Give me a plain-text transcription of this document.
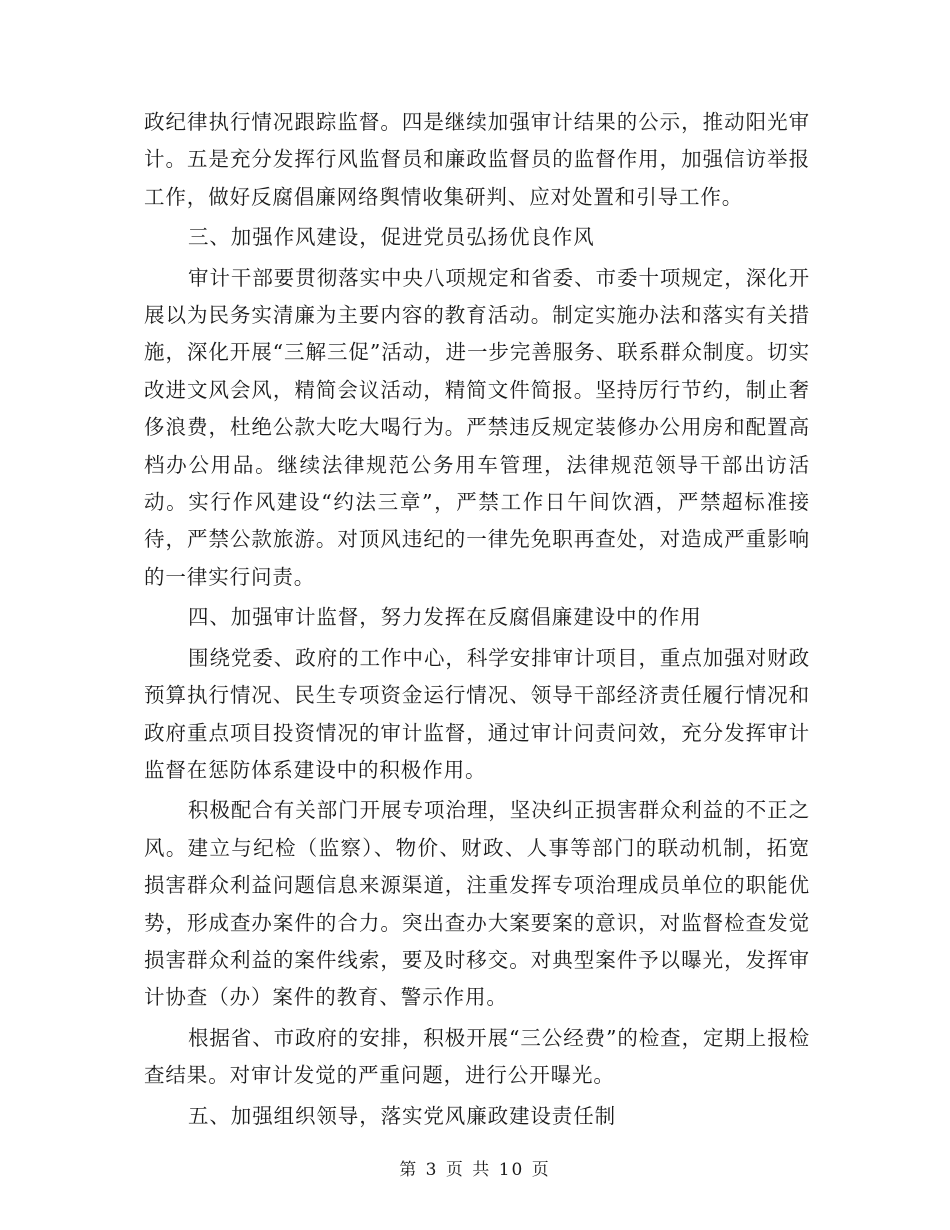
政纪律执行情况跟踪监督。四是继续加强审计结果的公示，推动阳光审计。五是充分发挥行风监督员和廉政监督员的监督作用，加强信访举报工作，做好反腐倡廉网络舆情收集研判、应对处置和引导工作。

三、加强作风建设，促进党员弘扬优良作风

审计干部要贯彻落实中央八项规定和省委、市委十项规定，深化开展以为民务实清廉为主要内容的教育活动。制定实施办法和落实有关措施，深化开展“三解三促”活动，进一步完善服务、联系群众制度。切实改进文风会风，精简会议活动，精简文件简报。坚持厉行节约，制止奢侈浪费，杜绝公款大吃大喝行为。严禁违反规定装修办公用房和配置高档办公用品。继续法律规范公务用车管理，法律规范领导干部出访活动。实行作风建设“约法三章”，严禁工作日午间饮酒，严禁超标准接待，严禁公款旅游。对顶风违纪的一律先免职再查处，对造成严重影响的一律实行问责。

四、加强审计监督，努力发挥在反腐倡廉建设中的作用

围绕党委、政府的工作中心，科学安排审计项目，重点加强对财政预算执行情况、民生专项资金运行情况、领导干部经济责任履行情况和政府重点项目投资情况的审计监督，通过审计问责问效，充分发挥审计监督在惩防体系建设中的积极作用。

积极配合有关部门开展专项治理，坚决纠正损害群众利益的不正之风。建立与纪检（监察）、物价、财政、人事等部门的联动机制，拓宽损害群众利益问题信息来源渠道，注重发挥专项治理成员单位的职能优势，形成查办案件的合力。突出查办大案要案的意识，对监督检查发觉损害群众利益的案件线索，要及时移交。对典型案件予以曝光，发挥审计协查（办）案件的教育、警示作用。

根据省、市政府的安排，积极开展“三公经费”的检查，定期上报检查结果。对审计发觉的严重问题，进行公开曝光。

五、加强组织领导，落实党风廉政建设责任制

第 3 页 共 10 页
